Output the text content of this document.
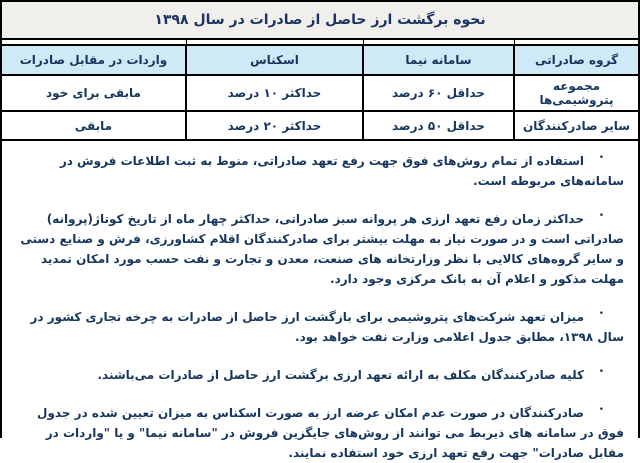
نحوه برگشت ارز حاصل از صادرات در سال ۱۳۹۸

گروه صادراتی	سامانه نیما	اسکناس	واردات در مقابل صادرات
مجموعه پتروشیمی‌ها	حداقل ۶۰ درصد	حداکثر ۱۰ درصد	مابقی برای خود
سایر صادرکنندگان	حداقل ۵۰ درصد	حداکثر ۲۰ درصد	مابقی
•

استفاده از تمام روش‌های فوق جهت رفع تعهد صادراتی، منوط به ثبت اطلاعات فروش در سامانه‌های مربوطه است.

•

حداکثر زمان رفع تعهد ارزی هر پروانه سبز صادراتی، حداکثر چهار ماه از تاریخ کوتاژ(پروانه) صادراتی است و در صورت نیاز به مهلت بیشتر برای صادرکنندگان اقلام کشاورزی، فرش و صنایع دستی و سایر گروه‌های کالایی با نظر وزارتخانه های صنعت، معدن و تجارت و نفت حسب مورد امکان تمدید مهلت مذکور و اعلام آن به بانک مرکزی وجود دارد.

•

میزان تعهد شرکت‌های پتروشیمی برای بازگشت ارز حاصل از صادرات به چرخه تجاری کشور در سال ۱۳۹۸، مطابق جدول اعلامی وزارت نفت خواهد بود.

•

کلیه صادرکنندگان مکلف به ارائه تعهد ارزی برگشت ارز حاصل از صادرات می‌باشند.

•

صادرکنندگان در صورت عدم امکان عرضه ارز به صورت اسکناس به میزان تعیین شده در جدول فوق در سامانه های ذیربط می توانند از روش‌های جایگزین فروش در "سامانه نیما" و یا "واردات در مقابل صادرات" جهت رفع تعهد ارزی خود استفاده نمایند.
